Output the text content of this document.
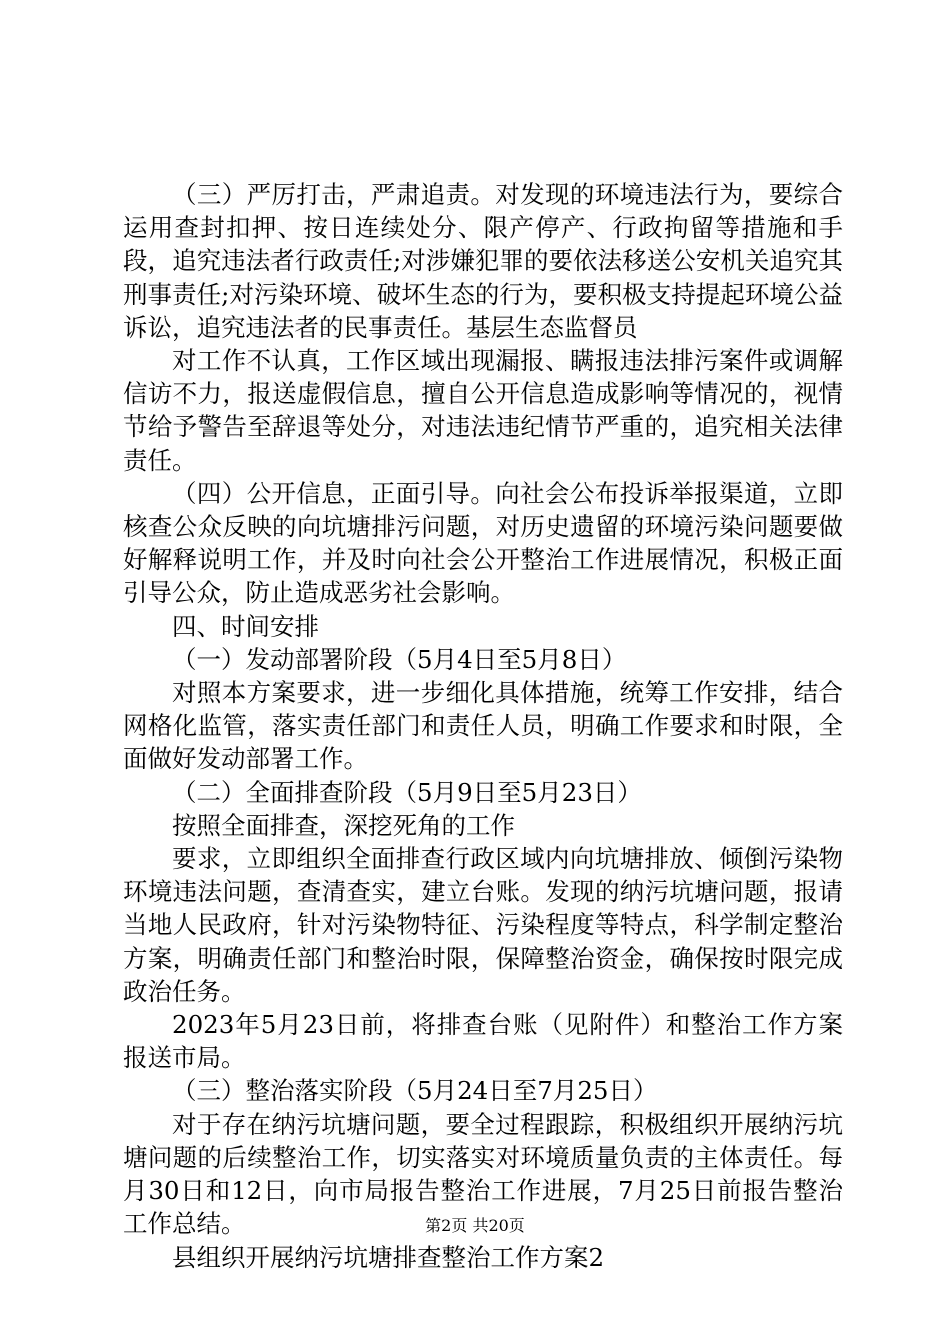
（三）严厉打击，严肃追责。对发现的环境违法行为，要综合运用查封扣押、按日连续处分、限产停产、行政拘留等措施和手段，追究违法者行政责任;对涉嫌犯罪的要依法移送公安机关追究其刑事责任;对污染环境、破坏生态的行为，要积极支持提起环境公益诉讼，追究违法者的民事责任。基层生态监督员

对工作不认真，工作区域出现漏报、瞒报违法排污案件或调解信访不力，报送虚假信息，擅自公开信息造成影响等情况的，视情节给予警告至辞退等处分，对违法违纪情节严重的，追究相关法律责任。

（四）公开信息，正面引导。向社会公布投诉举报渠道，立即核查公众反映的向坑塘排污问题，对历史遗留的环境污染问题要做好解释说明工作，并及时向社会公开整治工作进展情况，积极正面引导公众，防止造成恶劣社会影响。

四、时间安排

（一）发动部署阶段（5月4日至5月8日）

对照本方案要求，进一步细化具体措施，统筹工作安排，结合网格化监管，落实责任部门和责任人员，明确工作要求和时限，全面做好发动部署工作。

（二）全面排查阶段（5月9日至5月23日）

按照全面排查，深挖死角的工作

要求，立即组织全面排查行政区域内向坑塘排放、倾倒污染物环境违法问题，查清查实，建立台账。发现的纳污坑塘问题，报请当地人民政府，针对污染物特征、污染程度等特点，科学制定整治方案，明确责任部门和整治时限，保障整治资金，确保按时限完成政治任务。

2023年5月23日前，将排查台账（见附件）和整治工作方案报送市局。

（三）整治落实阶段（5月24日至7月25日）

对于存在纳污坑塘问题，要全过程跟踪，积极组织开展纳污坑塘问题的后续整治工作，切实落实对环境质量负责的主体责任。每月30日和12日，向市局报告整治工作进展，7月25日前报告整治工作总结。

县组织开展纳污坑塘排查整治工作方案2

第2页 共20页
